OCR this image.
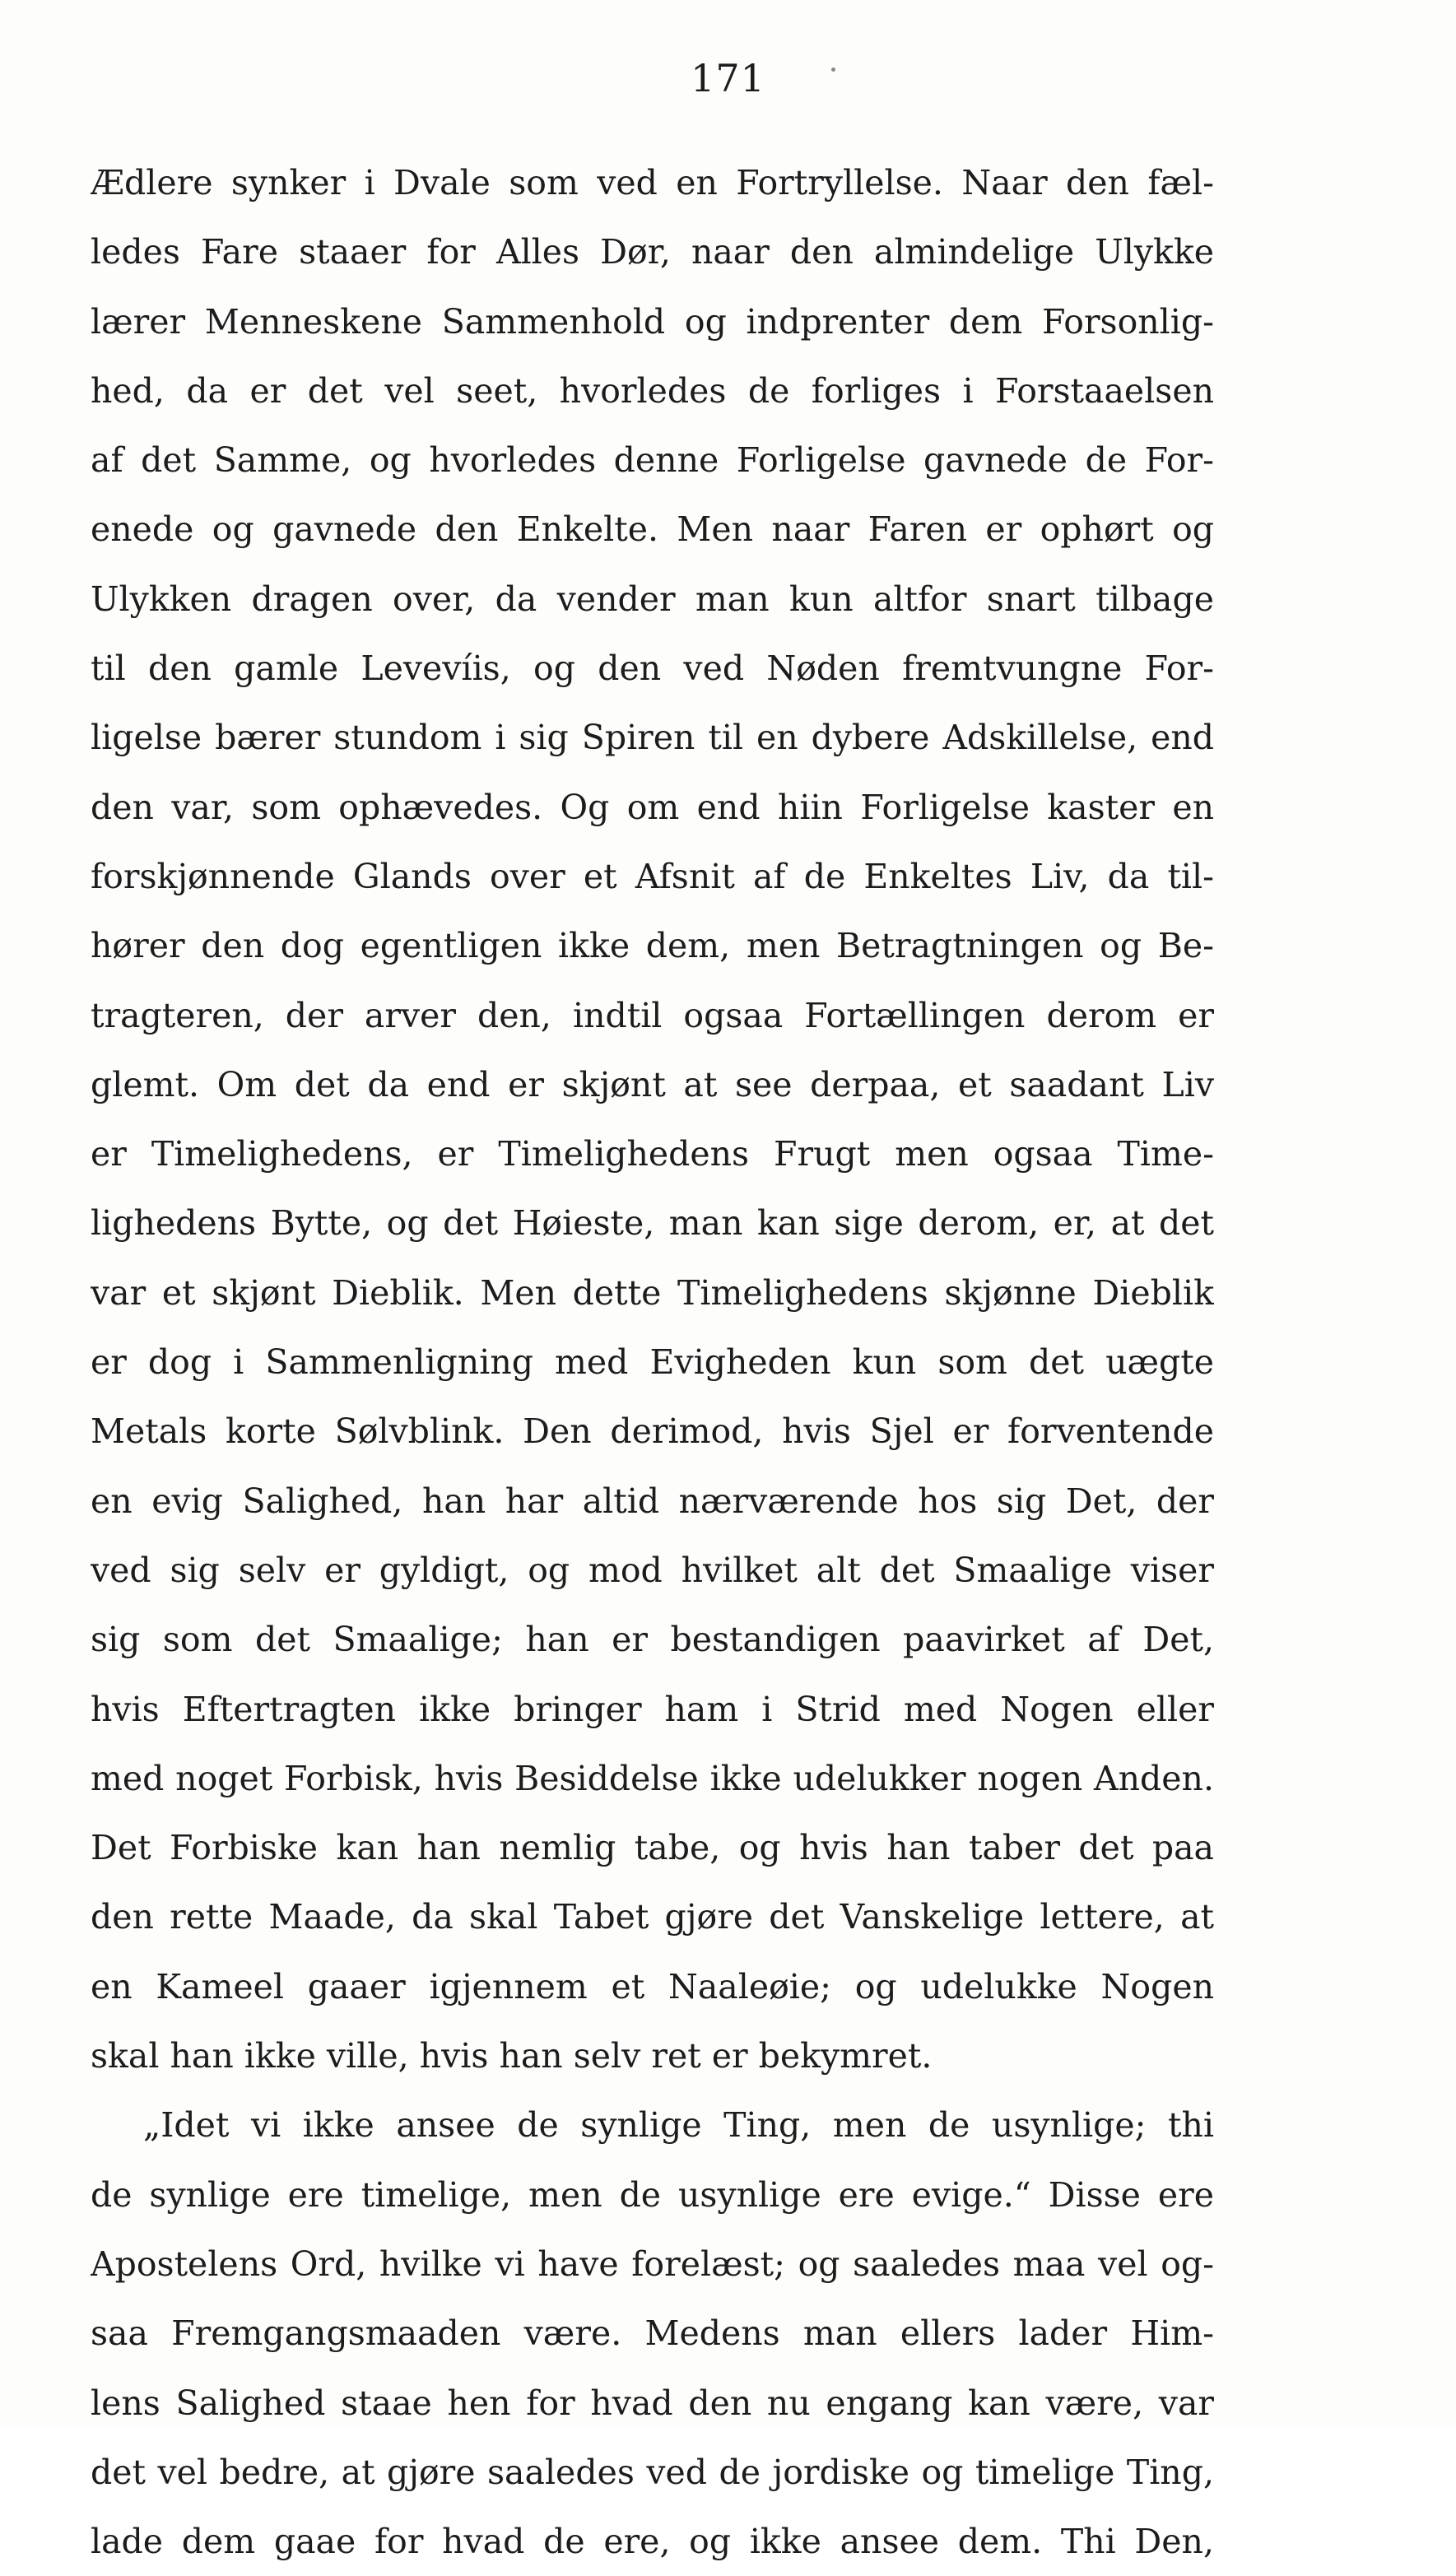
171
Ædlere synker i Dvale som ved en Fortryllelse. Naar den fæl-
ledes Fare staaer for Alles Dør, naar den almindelige Ulykke
lærer Menneskene Sammenhold og indprenter dem Forsonlig-
hed, da er det vel seet, hvorledes de forliges i Forstaaelsen
af det Samme, og hvorledes denne Forligelse gavnede de For-
enede og gavnede den Enkelte. Men naar Faren er ophørt og
Ulykken dragen over, da vender man kun altfor snart tilbage
til den gamle Levevíis, og den ved Nøden fremtvungne For-
ligelse bærer stundom i sig Spiren til en dybere Adskillelse, end
den var, som ophævedes. Og om end hiin Forligelse kaster en
forskjønnende Glands over et Afsnit af de Enkeltes Liv, da til-
hører den dog egentligen ikke dem, men Betragtningen og Be-
tragteren, der arver den, indtil ogsaa Fortællingen derom er
glemt. Om det da end er skjønt at see derpaa, et saadant Liv
er Timelighedens, er Timelighedens Frugt men ogsaa Time-
lighedens Bytte, og det Høieste, man kan sige derom, er, at det
var et skjønt Dieblik. Men dette Timelighedens skjønne Dieblik
er dog i Sammenligning med Evigheden kun som det uægte
Metals korte Sølvblink. Den derimod, hvis Sjel er forventende
en evig Salighed, han har altid nærværende hos sig Det, der
ved sig selv er gyldigt, og mod hvilket alt det Smaalige viser
sig som det Smaalige; han er bestandigen paavirket af Det,
hvis Eftertragten ikke bringer ham i Strid med Nogen eller
med noget Forbisk, hvis Besiddelse ikke udelukker nogen Anden.
Det Forbiske kan han nemlig tabe, og hvis han taber det paa
den rette Maade, da skal Tabet gjøre det Vanskelige lettere, at
en Kameel gaaer igjennem et Naaleøie; og udelukke Nogen
skal han ikke ville, hvis han selv ret er bekymret.
„Idet vi ikke ansee de synlige Ting, men de usynlige; thi
de synlige ere timelige, men de usynlige ere evige.“ Disse ere
Apostelens Ord, hvilke vi have forelæst; og saaledes maa vel og-
saa Fremgangsmaaden være. Medens man ellers lader Him-
lens Salighed staae hen for hvad den nu engang kan være, var
det vel bedre, at gjøre saaledes ved de jordiske og timelige Ting,
lade dem gaae for hvad de ere, og ikke ansee dem. Thi Den,
